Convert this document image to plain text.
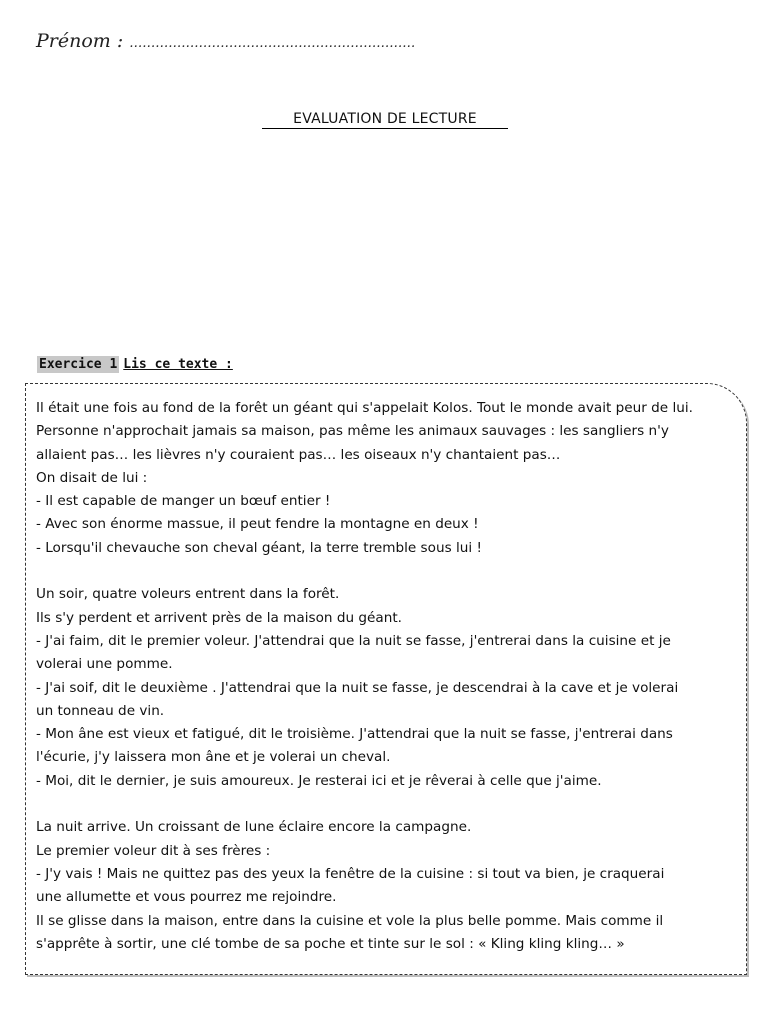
Prénom : …………………………………………………………
EVALUATION DE LECTURE
Exercice 1 Lis ce texte :

Il était une fois au fond de la forêt un géant qui s'appelait Kolos. Tout le monde avait peur de lui.

Personne n'approchait jamais sa maison, pas même les animaux sauvages : les sangliers n'y

allaient pas… les lièvres n'y couraient pas… les oiseaux n'y chantaient pas…

On disait de lui :

- Il est capable de manger un bœuf entier !

- Avec son énorme massue, il peut fendre la montagne en deux !

- Lorsqu'il chevauche son cheval géant, la terre tremble sous lui !

Un soir, quatre voleurs entrent dans la forêt.

Ils s'y perdent et arrivent près de la maison du géant.

- J'ai faim, dit le premier voleur. J'attendrai que la nuit se fasse, j'entrerai dans la cuisine et je

volerai une pomme.

- J'ai soif, dit le deuxième . J'attendrai que la nuit se fasse, je descendrai à la cave et je volerai

un tonneau de vin.

- Mon âne est vieux et fatigué, dit le troisième. J'attendrai que la nuit se fasse, j'entrerai dans

l'écurie, j'y laissera mon âne et je volerai un cheval.

- Moi, dit le dernier, je suis amoureux. Je resterai ici et je rêverai à celle que j'aime.

La nuit arrive. Un croissant de lune éclaire encore la campagne.

Le premier voleur dit à ses frères :

- J'y vais ! Mais ne quittez pas des yeux la fenêtre de la cuisine : si tout va bien, je craquerai

une allumette et vous pourrez me rejoindre.

Il se glisse dans la maison, entre dans la cuisine et vole la plus belle pomme. Mais comme il

s'apprête à sortir, une clé tombe de sa poche et tinte sur le sol : « Kling kling kling… »
